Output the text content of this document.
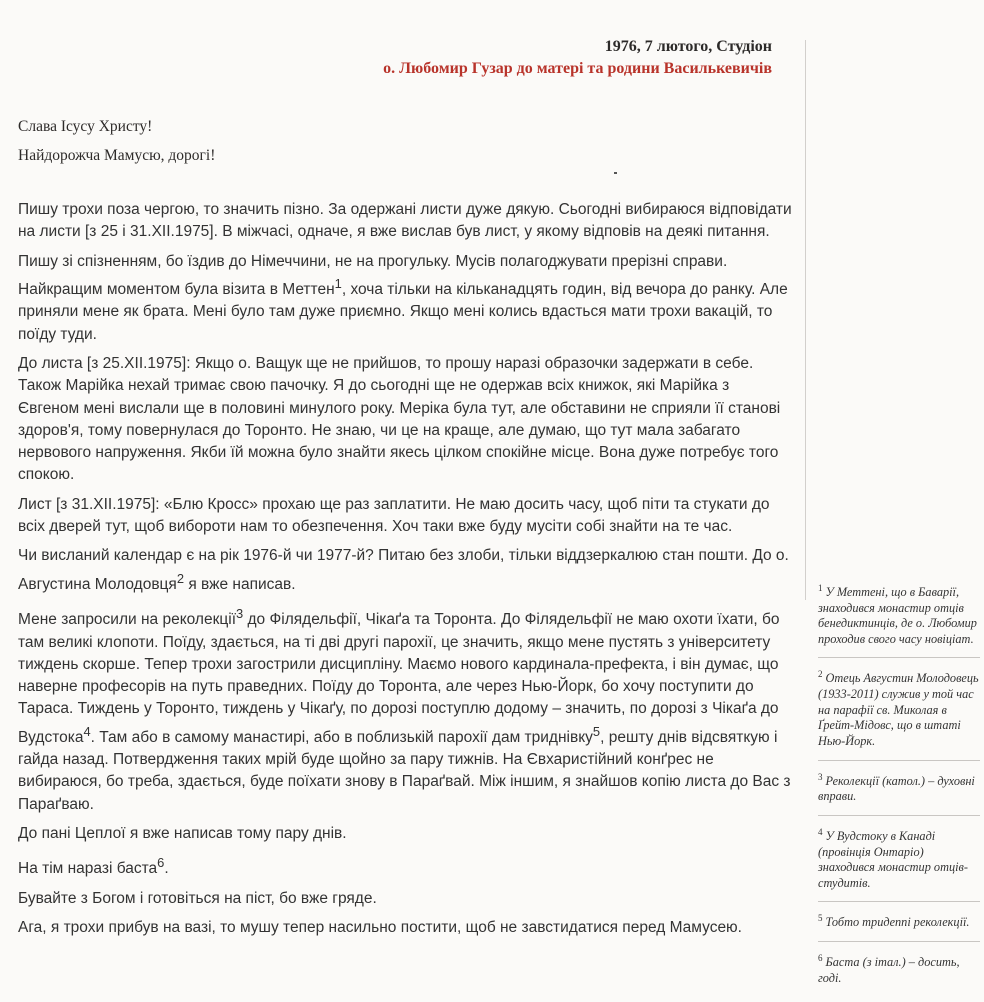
1976, 7 лютого, Студіон
о. Любомир Гузар до матері та родини Василькевичів
Слава Ісусу Христу!
Найдорожча Мамусю, дорогі!

Пишу трохи поза чергою, то значить пізно. За одержані листи дуже дякую. Сьогодні вибираюся відповідати на листи [з 25 і 31.XII.1975]. В міжчасі, одначе, я вже вислав був лист, у якому відповів на деякі питання.

Пишу зі спізненням, бо їздив до Німеччини, не на прогульку. Мусів полагоджувати прерізні справи. Найкращим моментом була візита в Меттен$^1$, хоча тільки на кільканадцять годин, від вечора до ранку. Але приняли мене як брата. Мені було там дуже приємно. Якщо мені колись вдасться мати трохи вакацій, то поїду туди.

До листа [з 25.XII.1975]: Якщо о. Ващук ще не прийшов, то прошу наразі образочки задержати в себе. Також Марійка нехай тримає свою пачочку. Я до сьогодні ще не одержав всіх книжок, які Марійка з Євгеном мені вислали ще в половині минулого року. Меріка була тут, але обставини не сприяли її станові здоров'я, тому повернулася до Торонто. Не знаю, чи це на краще, але думаю, що тут мала забагато нервового напруження. Якби їй можна було знайти якесь цілком спокійне місце. Вона дуже потребує того спокою.

Лист [з 31.XII.1975]: «Блю Кросс» прохаю ще раз заплатити. Не маю досить часу, щоб піти та стукати до всіх дверей тут, щоб вибороти нам то обезпечення. Хоч таки вже буду мусіти собі знайти на те час.

Чи висланий календар є на рік 1976-й чи 1977-й? Питаю без злоби, тільки віддзеркалюю стан пошти. До о. Августина Молодовця$^2$ я вже написав.

Мене запросили на реколекції$^3$ до Філядельфії, Чікаґа та Торонта. До Філядельфії не маю охоти їхати, бо там великі клопоти. Поїду, здається, на ті дві другі парохії, це значить, якщо мене пустять з університету тиждень скорше. Тепер трохи загострили дисципліну. Маємо нового кардинала-префекта, і він думає, що наверне професорів на путь праведних. Поїду до Торонта, але через Нью-Йорк, бо хочу поступити до Тараса. Тиждень у Торонто, тиждень у Чікаґу, по дорозі поступлю додому – значить, по дорозі з Чікаґа до Вудстока$^4$. Там або в самому манастирі, або в поблизькій парохії дам триднівку$^5$, решту днів відсвяткую і гайда назад. Потвердження таких мрій буде щойно за пару тижнів. На Євхаристійний конґрес не вибираюся, бо треба, здається, буде поїхати знову в Параґвай. Між іншим, я знайшов копію листа до Вас з Параґваю.

До пані Цеплої я вже написав тому пару днів.

На тім наразі баста$^6$.

Бувайте з Богом і готовіться на піст, бо вже гряде.

Ага, я трохи прибув на вазі, то мушу тепер насильно постити, щоб не завстидатися перед Мамусею.

$^1$ У Меттені, що в Баварії, знаходився монастир отців бенедиктинців, де о. Любомир проходив свого часу новіціат.
$^2$ Отець Августин Молодовець (1933-2011) служив у той час на парафії св. Миколая в Ґрейт-Мідовс, що в штаті Нью-Йорк.
$^3$ Реколекції (катол.) – духовні вправи.
$^4$ У Вудстоку в Канаді (провінція Онтаріо) знаходився монастир отців-студитів.
$^5$ Тобто тридennі реколекції.
$^6$ Баста (з італ.) – досить, годі.
